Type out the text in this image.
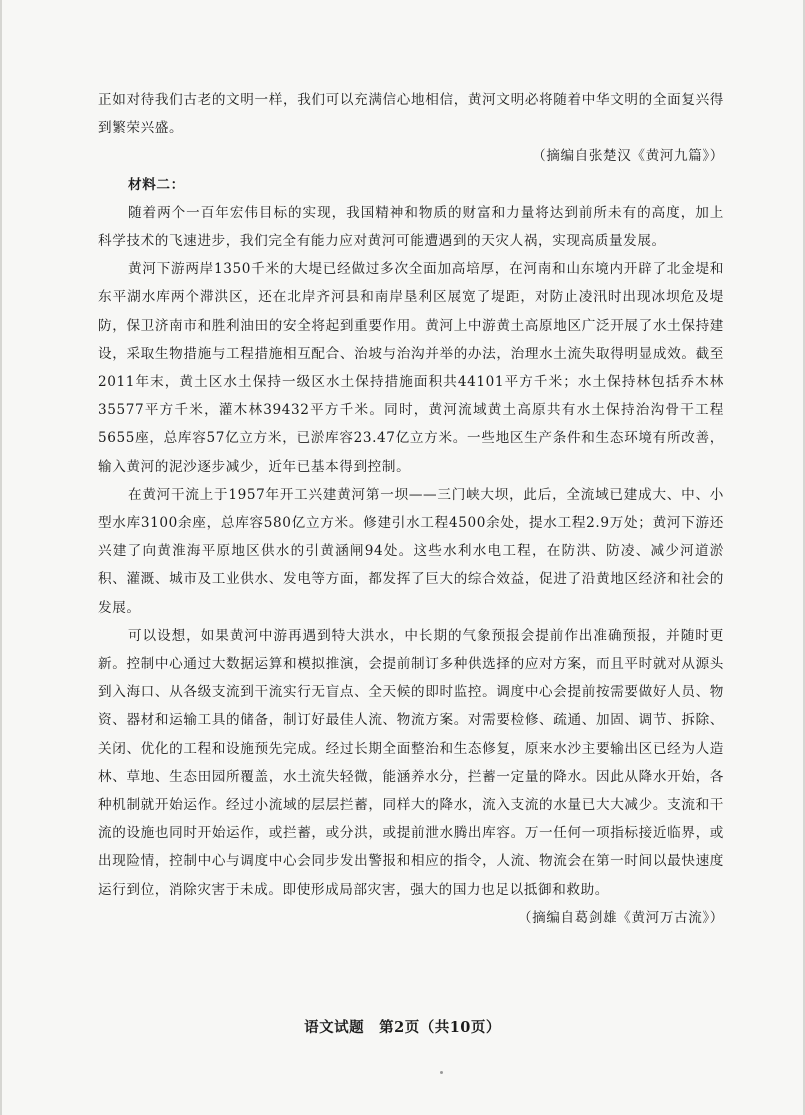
正如对待我们古老的文明一样，我们可以充满信心地相信，黄河文明必将随着中华文明的全面复兴得到繁荣兴盛。

（摘编自张楚汉《黄河九篇》）

材料二：

随着两个一百年宏伟目标的实现，我国精神和物质的财富和力量将达到前所未有的高度，加上科学技术的飞速进步，我们完全有能力应对黄河可能遭遇到的天灾人祸，实现高质量发展。

黄河下游两岸1350千米的大堤已经做过多次全面加高培厚，在河南和山东境内开辟了北金堤和东平湖水库两个滞洪区，还在北岸齐河县和南岸垦利区展宽了堤距，对防止凌汛时出现冰坝危及堤防，保卫济南市和胜利油田的安全将起到重要作用。黄河上中游黄土高原地区广泛开展了水土保持建设，采取生物措施与工程措施相互配合、治坡与治沟并举的办法，治理水土流失取得明显成效。截至2011年末，黄土区水土保持一级区水土保持措施面积共44101平方千米；水土保持林包括乔木林35577平方千米，灌木林39432平方千米。同时，黄河流域黄土高原共有水土保持治沟骨干工程5655座，总库容57亿立方米，已淤库容23.47亿立方米。一些地区生产条件和生态环境有所改善，输入黄河的泥沙逐步减少，近年已基本得到控制。

在黄河干流上于1957年开工兴建黄河第一坝——三门峡大坝，此后，全流域已建成大、中、小型水库3100余座，总库容580亿立方米。修建引水工程4500余处，提水工程2.9万处；黄河下游还兴建了向黄淮海平原地区供水的引黄涵闸94处。这些水利水电工程，在防洪、防凌、减少河道淤积、灌溉、城市及工业供水、发电等方面，都发挥了巨大的综合效益，促进了沿黄地区经济和社会的发展。

可以设想，如果黄河中游再遇到特大洪水，中长期的气象预报会提前作出准确预报，并随时更新。控制中心通过大数据运算和模拟推演，会提前制订多种供选择的应对方案，而且平时就对从源头到入海口、从各级支流到干流实行无盲点、全天候的即时监控。调度中心会提前按需要做好人员、物资、器材和运输工具的储备，制订好最佳人流、物流方案。对需要检修、疏通、加固、调节、拆除、关闭、优化的工程和设施预先完成。经过长期全面整治和生态修复，原来水沙主要输出区已经为人造林、草地、生态田园所覆盖，水土流失轻微，能涵养水分，拦蓄一定量的降水。因此从降水开始，各种机制就开始运作。经过小流域的层层拦蓄，同样大的降水，流入支流的水量已大大减少。支流和干流的设施也同时开始运作，或拦蓄，或分洪，或提前泄水腾出库容。万一任何一项指标接近临界，或出现险情，控制中心与调度中心会同步发出警报和相应的指令，人流、物流会在第一时间以最快速度运行到位，消除灾害于未成。即使形成局部灾害，强大的国力也足以抵御和救助。

（摘编自葛剑雄《黄河万古流》）

语文试题　第2页（共10页）
